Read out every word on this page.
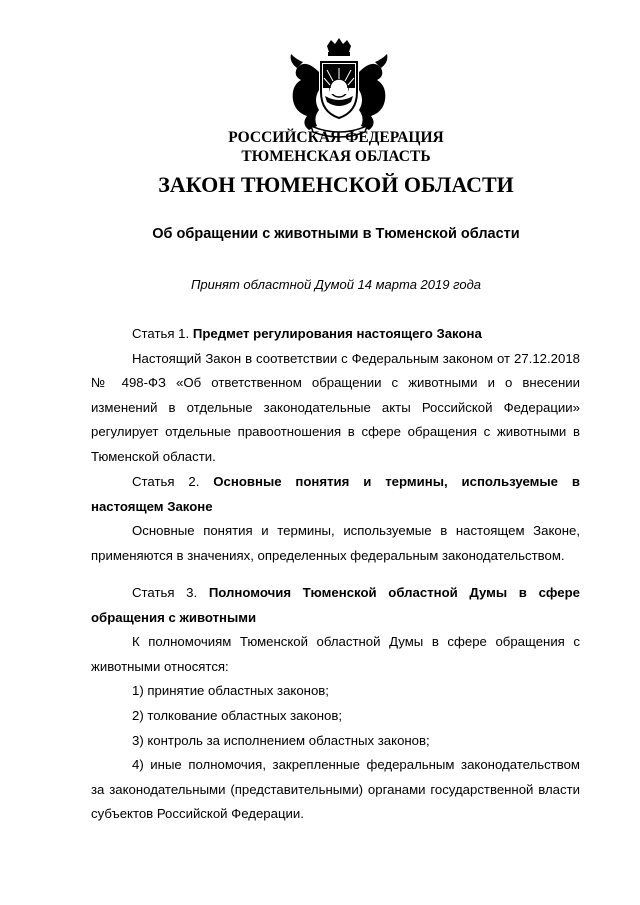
РОССИЙСКАЯ ФЕДЕРАЦИЯ
ТЮМЕНСКАЯ ОБЛАСТЬ
ЗАКОН ТЮМЕНСКОЙ ОБЛАСТИ
Об обращении с животными в Тюменской области
Принят областной Думой 14 марта 2019 года

Статья 1. Предмет регулирования настоящего Закона

Настоящий Закон в соответствии с Федеральным законом от 27.12.2018 № 498-ФЗ «Об ответственном обращении с животными и о внесении изменений в отдельные законодательные акты Российской Федерации» регулирует отдельные правоотношения в сфере обращения с животными в Тюменской области.

Статья 2. Основные понятия и термины, используемые в настоящем Законе

Основные понятия и термины, используемые в настоящем Законе, применяются в значениях, определенных федеральным законодательством.

Статья 3. Полномочия Тюменской областной Думы в сфере обращения с животными

К полномочиям Тюменской областной Думы в сфере обращения с животными относятся:

1) принятие областных законов;

2) толкование областных законов;

3) контроль за исполнением областных законов;

4) иные полномочия, закрепленные федеральным законодательством за законодательными (представительными) органами государственной власти субъектов Российской Федерации.
